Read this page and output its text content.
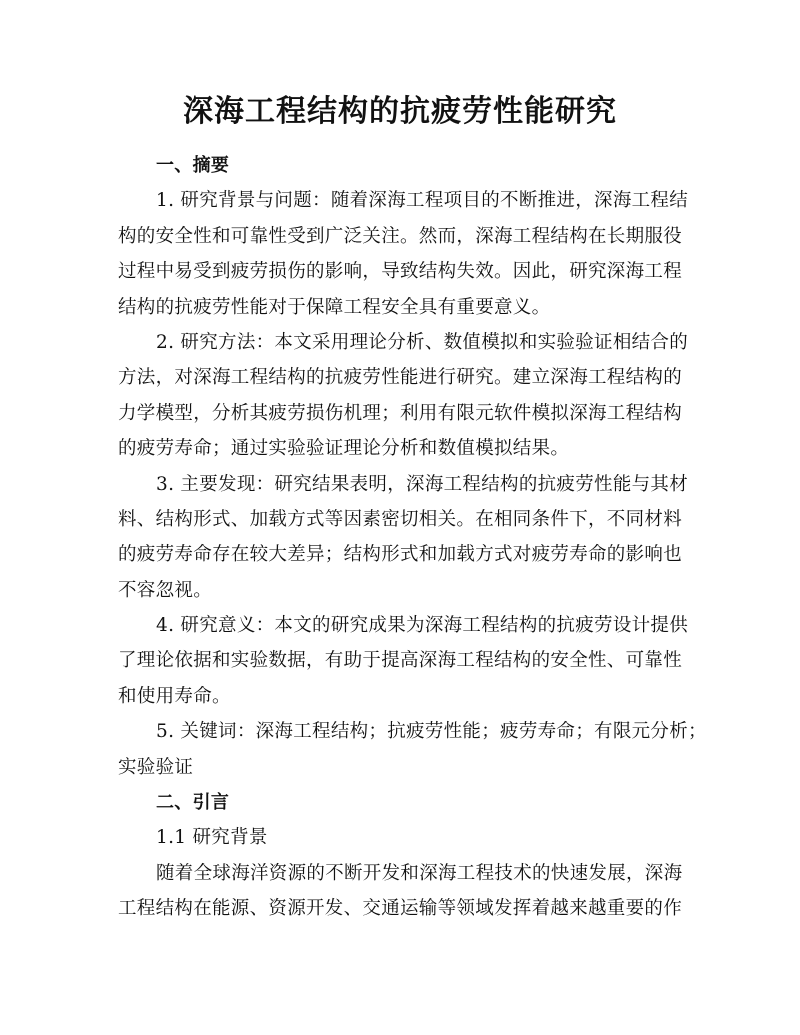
深海工程结构的抗疲劳性能研究
一、摘要
1. 研究背景与问题：随着深海工程项目的不断推进，深海工程结
构的安全性和可靠性受到广泛关注。然而，深海工程结构在长期服役
过程中易受到疲劳损伤的影响，导致结构失效。因此，研究深海工程
结构的抗疲劳性能对于保障工程安全具有重要意义。
2. 研究方法：本文采用理论分析、数值模拟和实验验证相结合的
方法，对深海工程结构的抗疲劳性能进行研究。建立深海工程结构的
力学模型，分析其疲劳损伤机理；利用有限元软件模拟深海工程结构
的疲劳寿命；通过实验验证理论分析和数值模拟结果。
3. 主要发现：研究结果表明，深海工程结构的抗疲劳性能与其材
料、结构形式、加载方式等因素密切相关。在相同条件下，不同材料
的疲劳寿命存在较大差异；结构形式和加载方式对疲劳寿命的影响也
不容忽视。
4. 研究意义：本文的研究成果为深海工程结构的抗疲劳设计提供
了理论依据和实验数据，有助于提高深海工程结构的安全性、可靠性
和使用寿命。
5. 关键词：深海工程结构；抗疲劳性能；疲劳寿命；有限元分析；
实验验证
二、引言
1.1 研究背景
随着全球海洋资源的不断开发和深海工程技术的快速发展，深海
工程结构在能源、资源开发、交通运输等领域发挥着越来越重要的作
